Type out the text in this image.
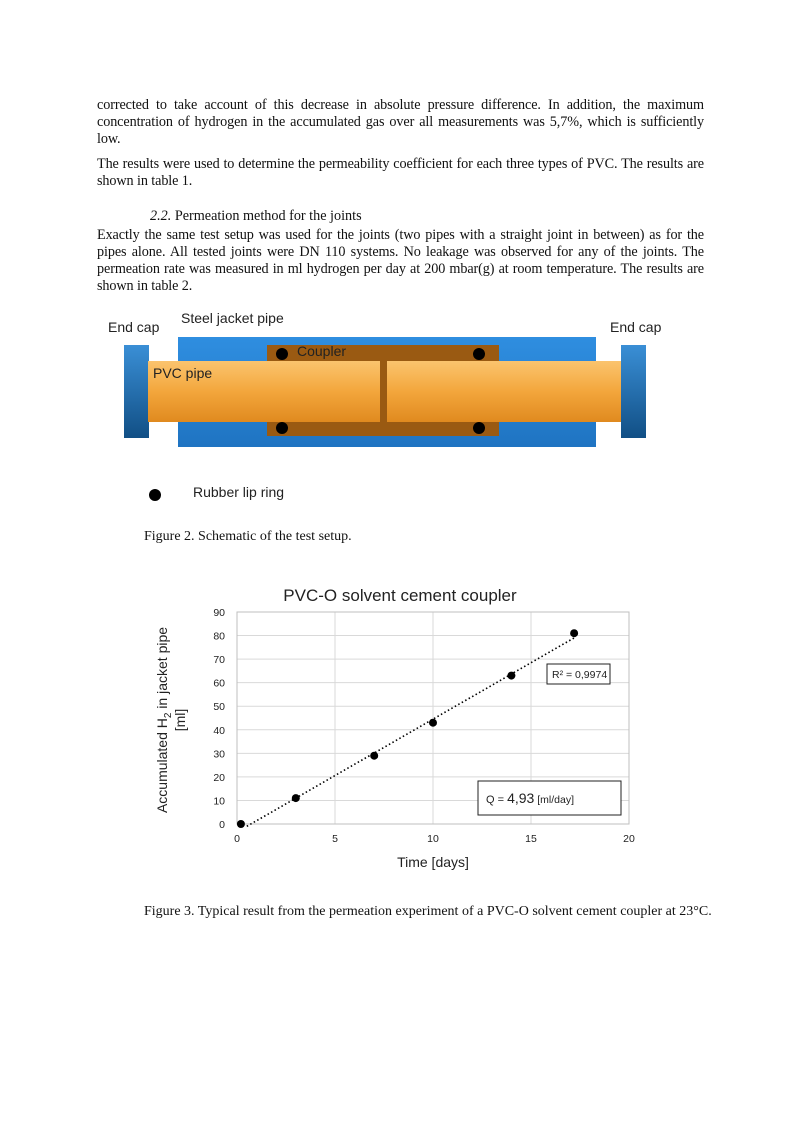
corrected to take account of this decrease in absolute pressure difference. In addition, the maximum concentration of hydrogen in the accumulated gas over all measurements was 5,7%, which is sufficiently low.
The results were used to determine the permeability coefficient for each three types of PVC. The results are shown in table 1.
2.2. Permeation method for the joints
Exactly the same test setup was used for the joints (two pipes with a straight joint in between) as for the pipes alone. All tested joints were DN 110 systems. No leakage was observed for any of the joints. The permeation rate was measured in ml hydrogen per day at 200 mbar(g) at room temperature. The results are shown in table 2.
End cap
Steel jacket pipe
End cap
Coupler
PVC pipe
Rubber lip ring
Figure 2. Schematic of the test setup.
PVC-O solvent cement coupler
0
10
20
30
40
50
60
70
80
90
0	5	10	15	20
Time [days]
Accumulated $H_2$ in jacket pipe
[ml]
R² = 0,9974
Q = 4,93 [ml/day]
Figure 3. Typical result from the permeation experiment of a PVC-O solvent cement coupler at 23°C.
